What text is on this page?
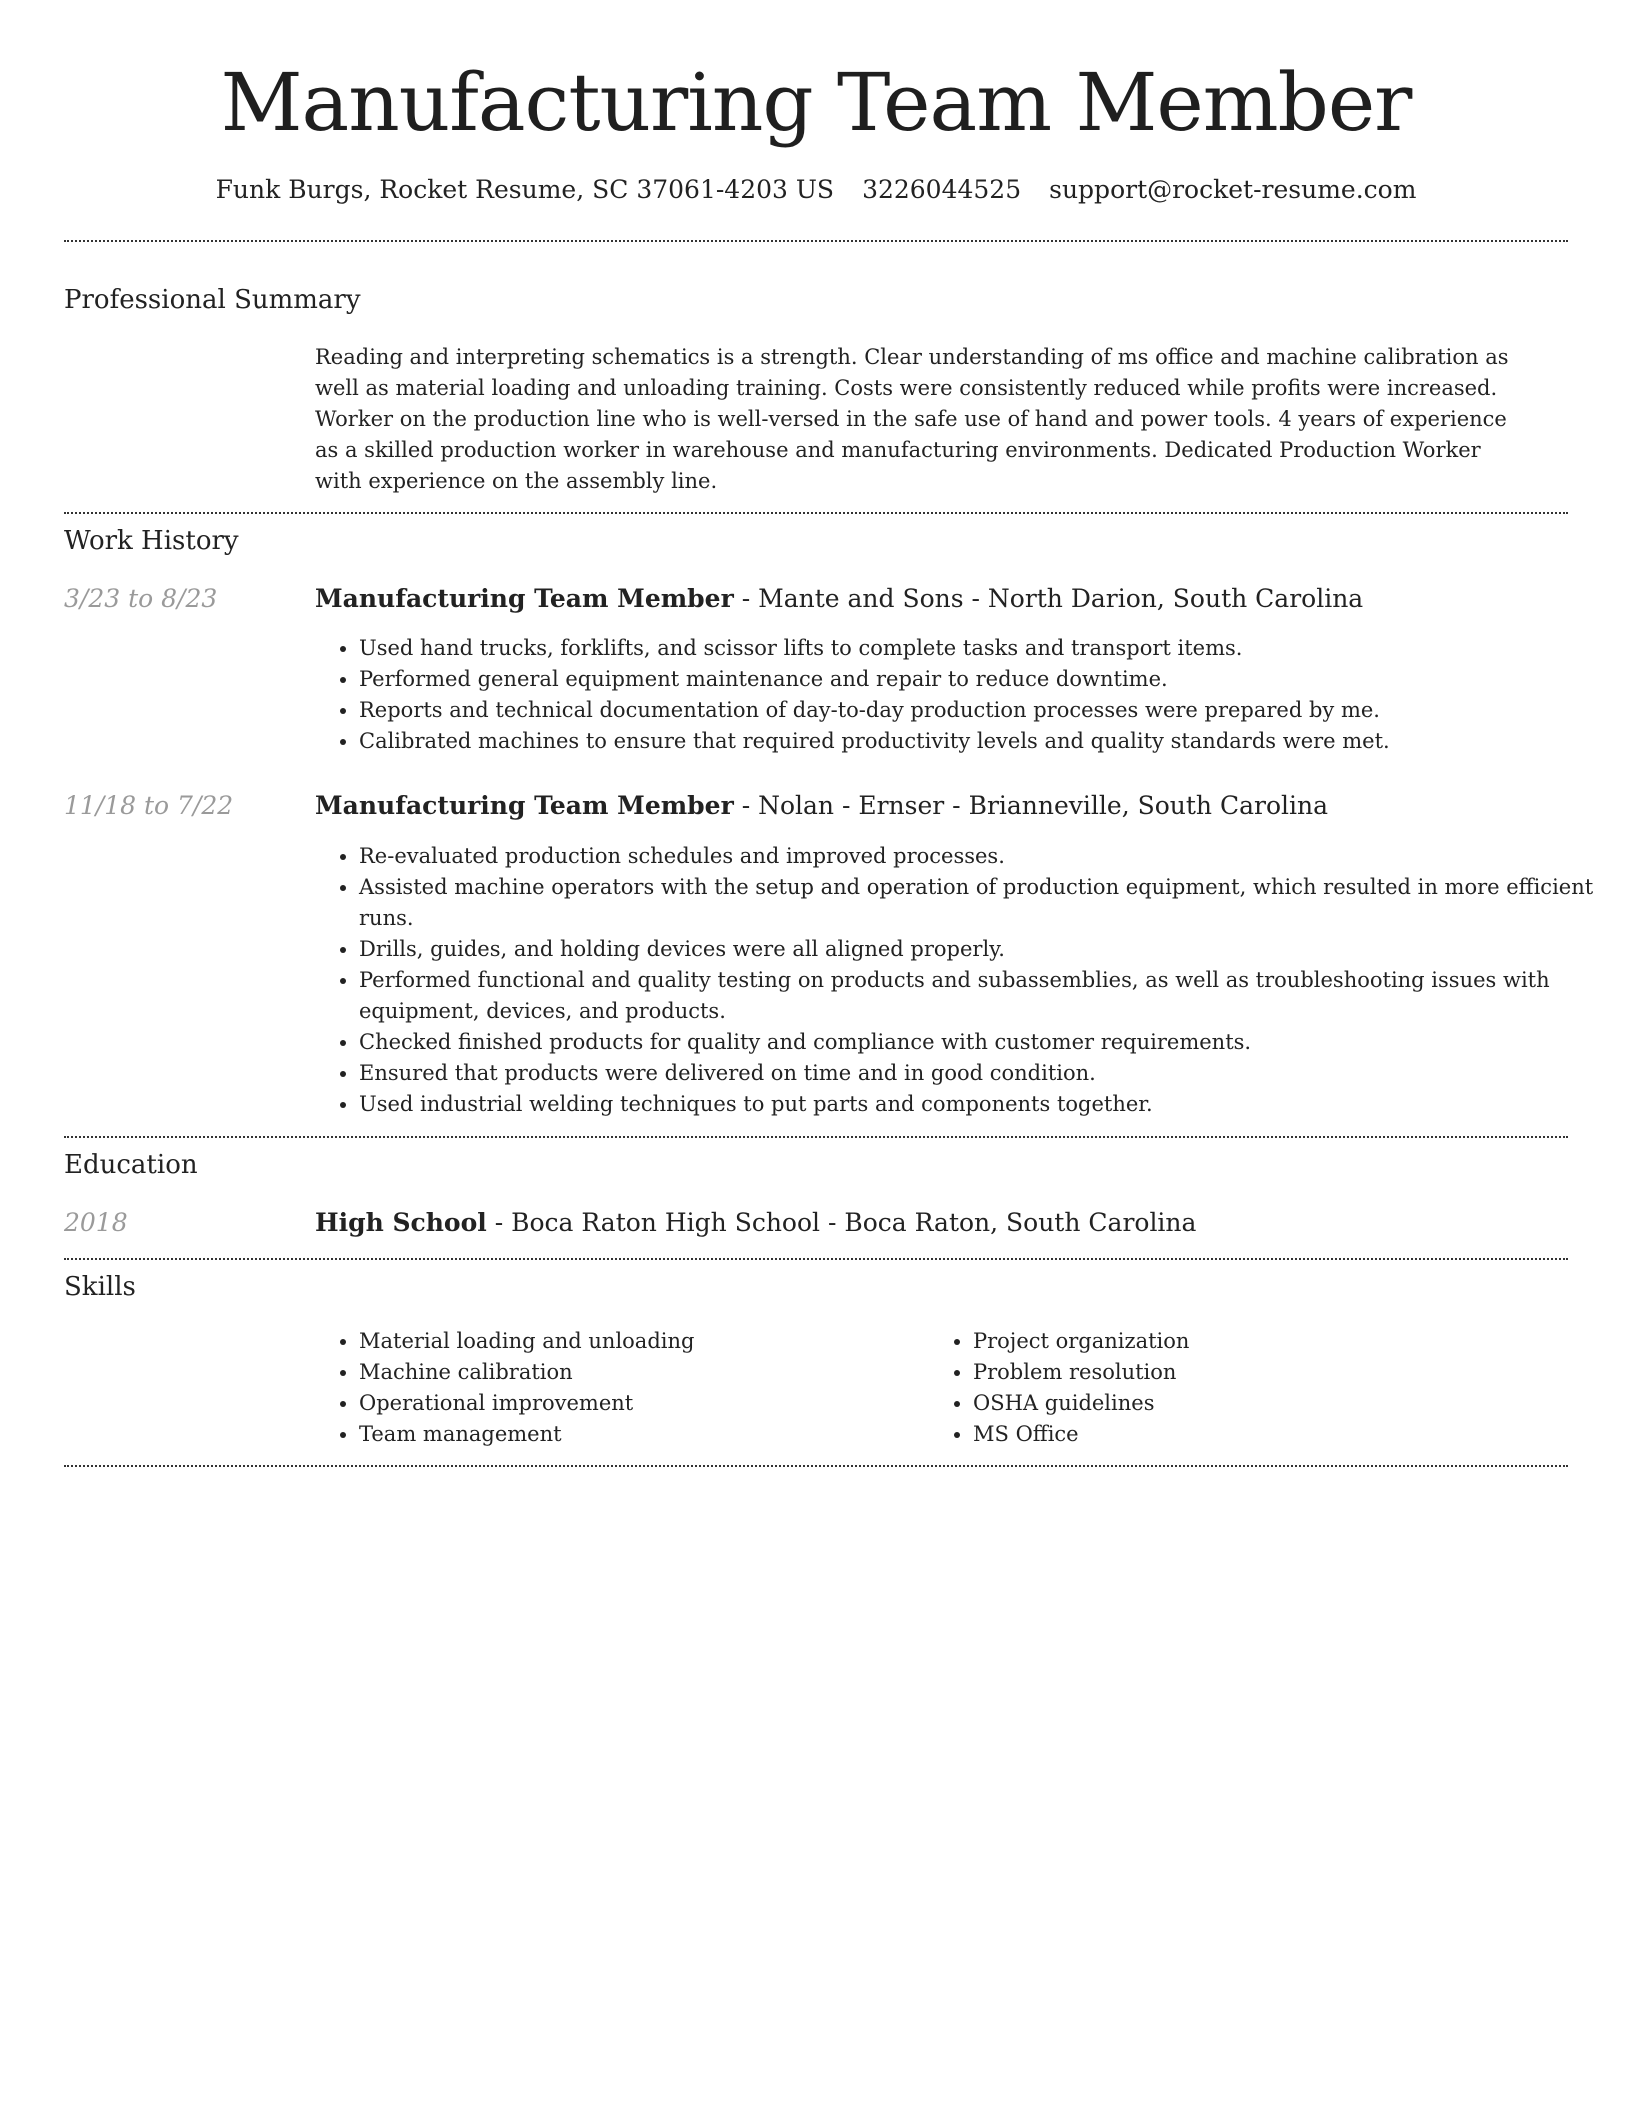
Manufacturing Team Member
Funk Burgs, Rocket Resume, SC 37061-4203 US 3226044525 support@rocket-resume.com
Professional Summary
Reading and interpreting schematics is a strength. Clear understanding of ms office and machine calibration as well as material loading and unloading training. Costs were consistently reduced while profits were increased. Worker on the production line who is well-versed in the safe use of hand and power tools. 4 years of experience as a skilled production worker in warehouse and manufacturing environments. Dedicated Production Worker with experience on the assembly line.
Work History
3/23 to 8/23	Manufacturing Team Member - Mante and Sons - North Darion, South Carolina
• Used hand trucks, forklifts, and scissor lifts to complete tasks and transport items.
• Performed general equipment maintenance and repair to reduce downtime.
• Reports and technical documentation of day-to-day production processes were prepared by me.
• Calibrated machines to ensure that required productivity levels and quality standards were met.
11/18 to 7/22	Manufacturing Team Member - Nolan - Ernser - Brianneville, South Carolina
• Re-evaluated production schedules and improved processes.
• Assisted machine operators with the setup and operation of production equipment, which resulted in more efficient runs.
• Drills, guides, and holding devices were all aligned properly.
• Performed functional and quality testing on products and subassemblies, as well as troubleshooting issues with equipment, devices, and products.
• Checked finished products for quality and compliance with customer requirements.
• Ensured that products were delivered on time and in good condition.
• Used industrial welding techniques to put parts and components together.
Education
2018	High School - Boca Raton High School - Boca Raton, South Carolina
Skills
• Material loading and unloading
• Machine calibration
• Operational improvement
• Team management
• Project organization
• Problem resolution
• OSHA guidelines
• MS Office
